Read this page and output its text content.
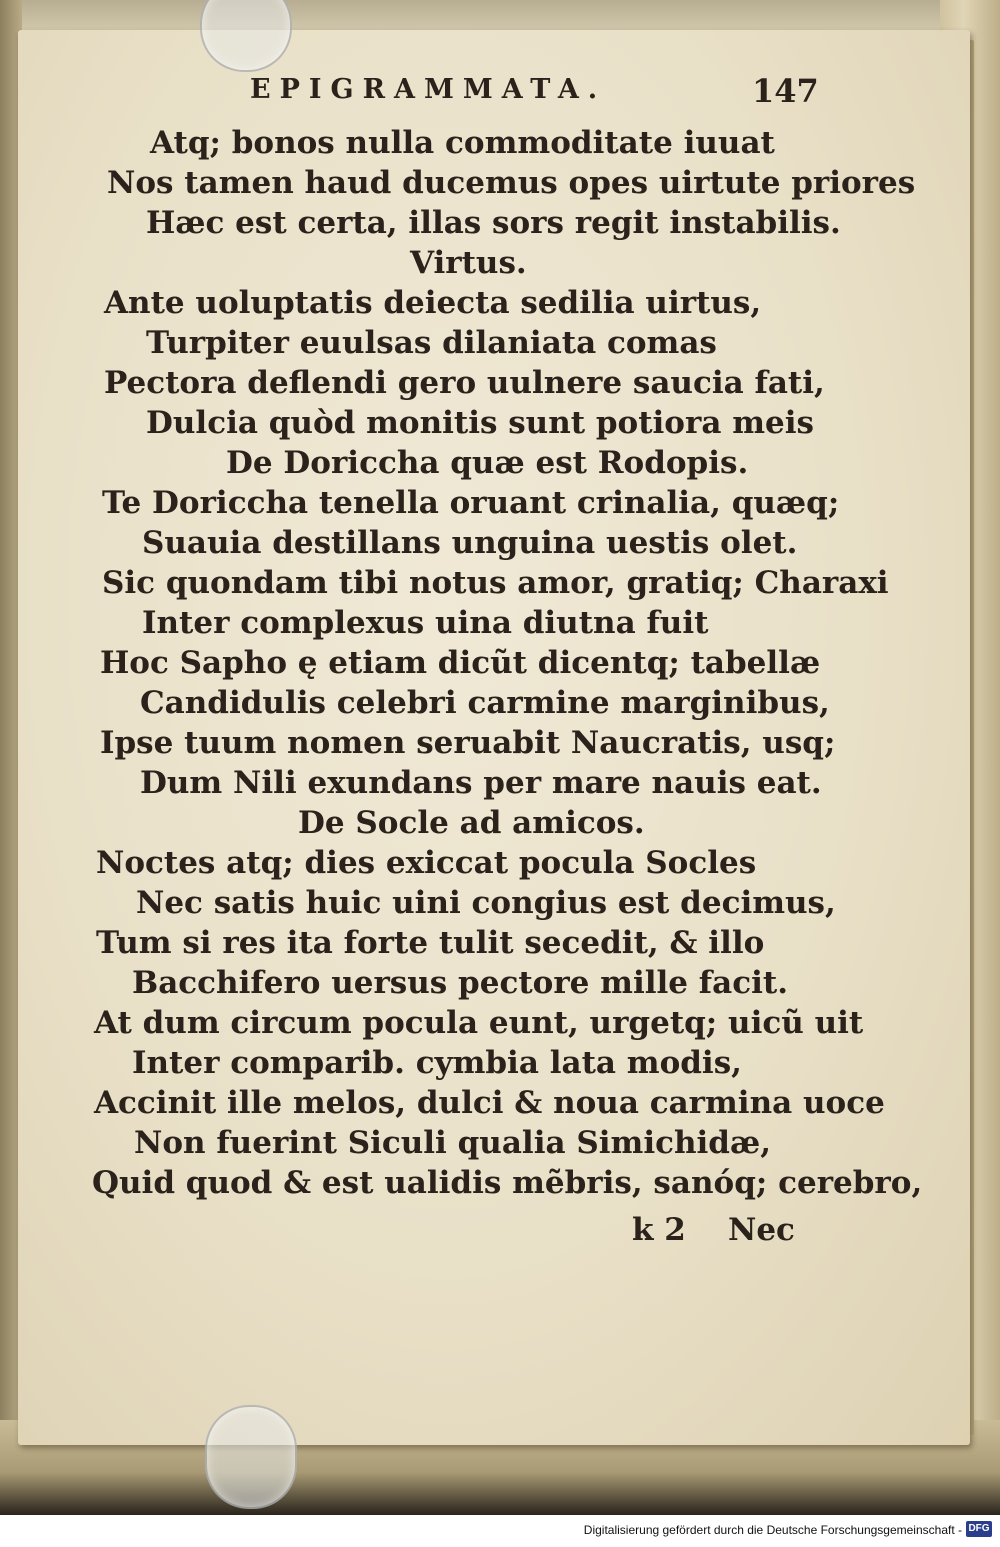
EPIGRAMMATA.	147
Atq; bonos nulla commoditate iuuat
Nos tamen haud ducemus opes uirtute priores
Hæc est certa, illas sors regit instabilis.
Virtus.
Ante uoluptatis deiecta sedilia uirtus,
Turpiter euulsas dilaniata comas
Pectora deflendi gero uulnere saucia fati,
Dulcia quòd monitis sunt potiora meis
De Doriccha quæ est Rodopis.
Te Doriccha tenella oruant crinalia, quæq;
Suauia destillans unguina uestis olet.
Sic quondam tibi notus amor, gratiq; Charaxi
Inter complexus uina diutna fuit
Hoc Sapho ę etiam dicũt dicentq; tabellæ
Candidulis celebri carmine marginibus,
Ipse tuum nomen seruabit Naucratis, usq;
Dum Nili exundans per mare nauis eat.
De Socle ad amicos.
Noctes atq; dies exiccat pocula Socles
Nec satis huic uini congius est decimus,
Tum si res ita forte tulit secedit, & illo
Bacchifero uersus pectore mille facit.
At dum circum pocula eunt, urgetq; uicũ uit
Inter comparib. cymbia lata modis,
Accinit ille melos, dulci & noua carmina uoce
Non fuerint Siculi qualia Simichidæ,
Quid quod & est ualidis mẽbris, sanóq; cerebro,
k 2 Nec
Digitalisierung gefördert durch die Deutsche Forschungsgemeinschaft - DFG
